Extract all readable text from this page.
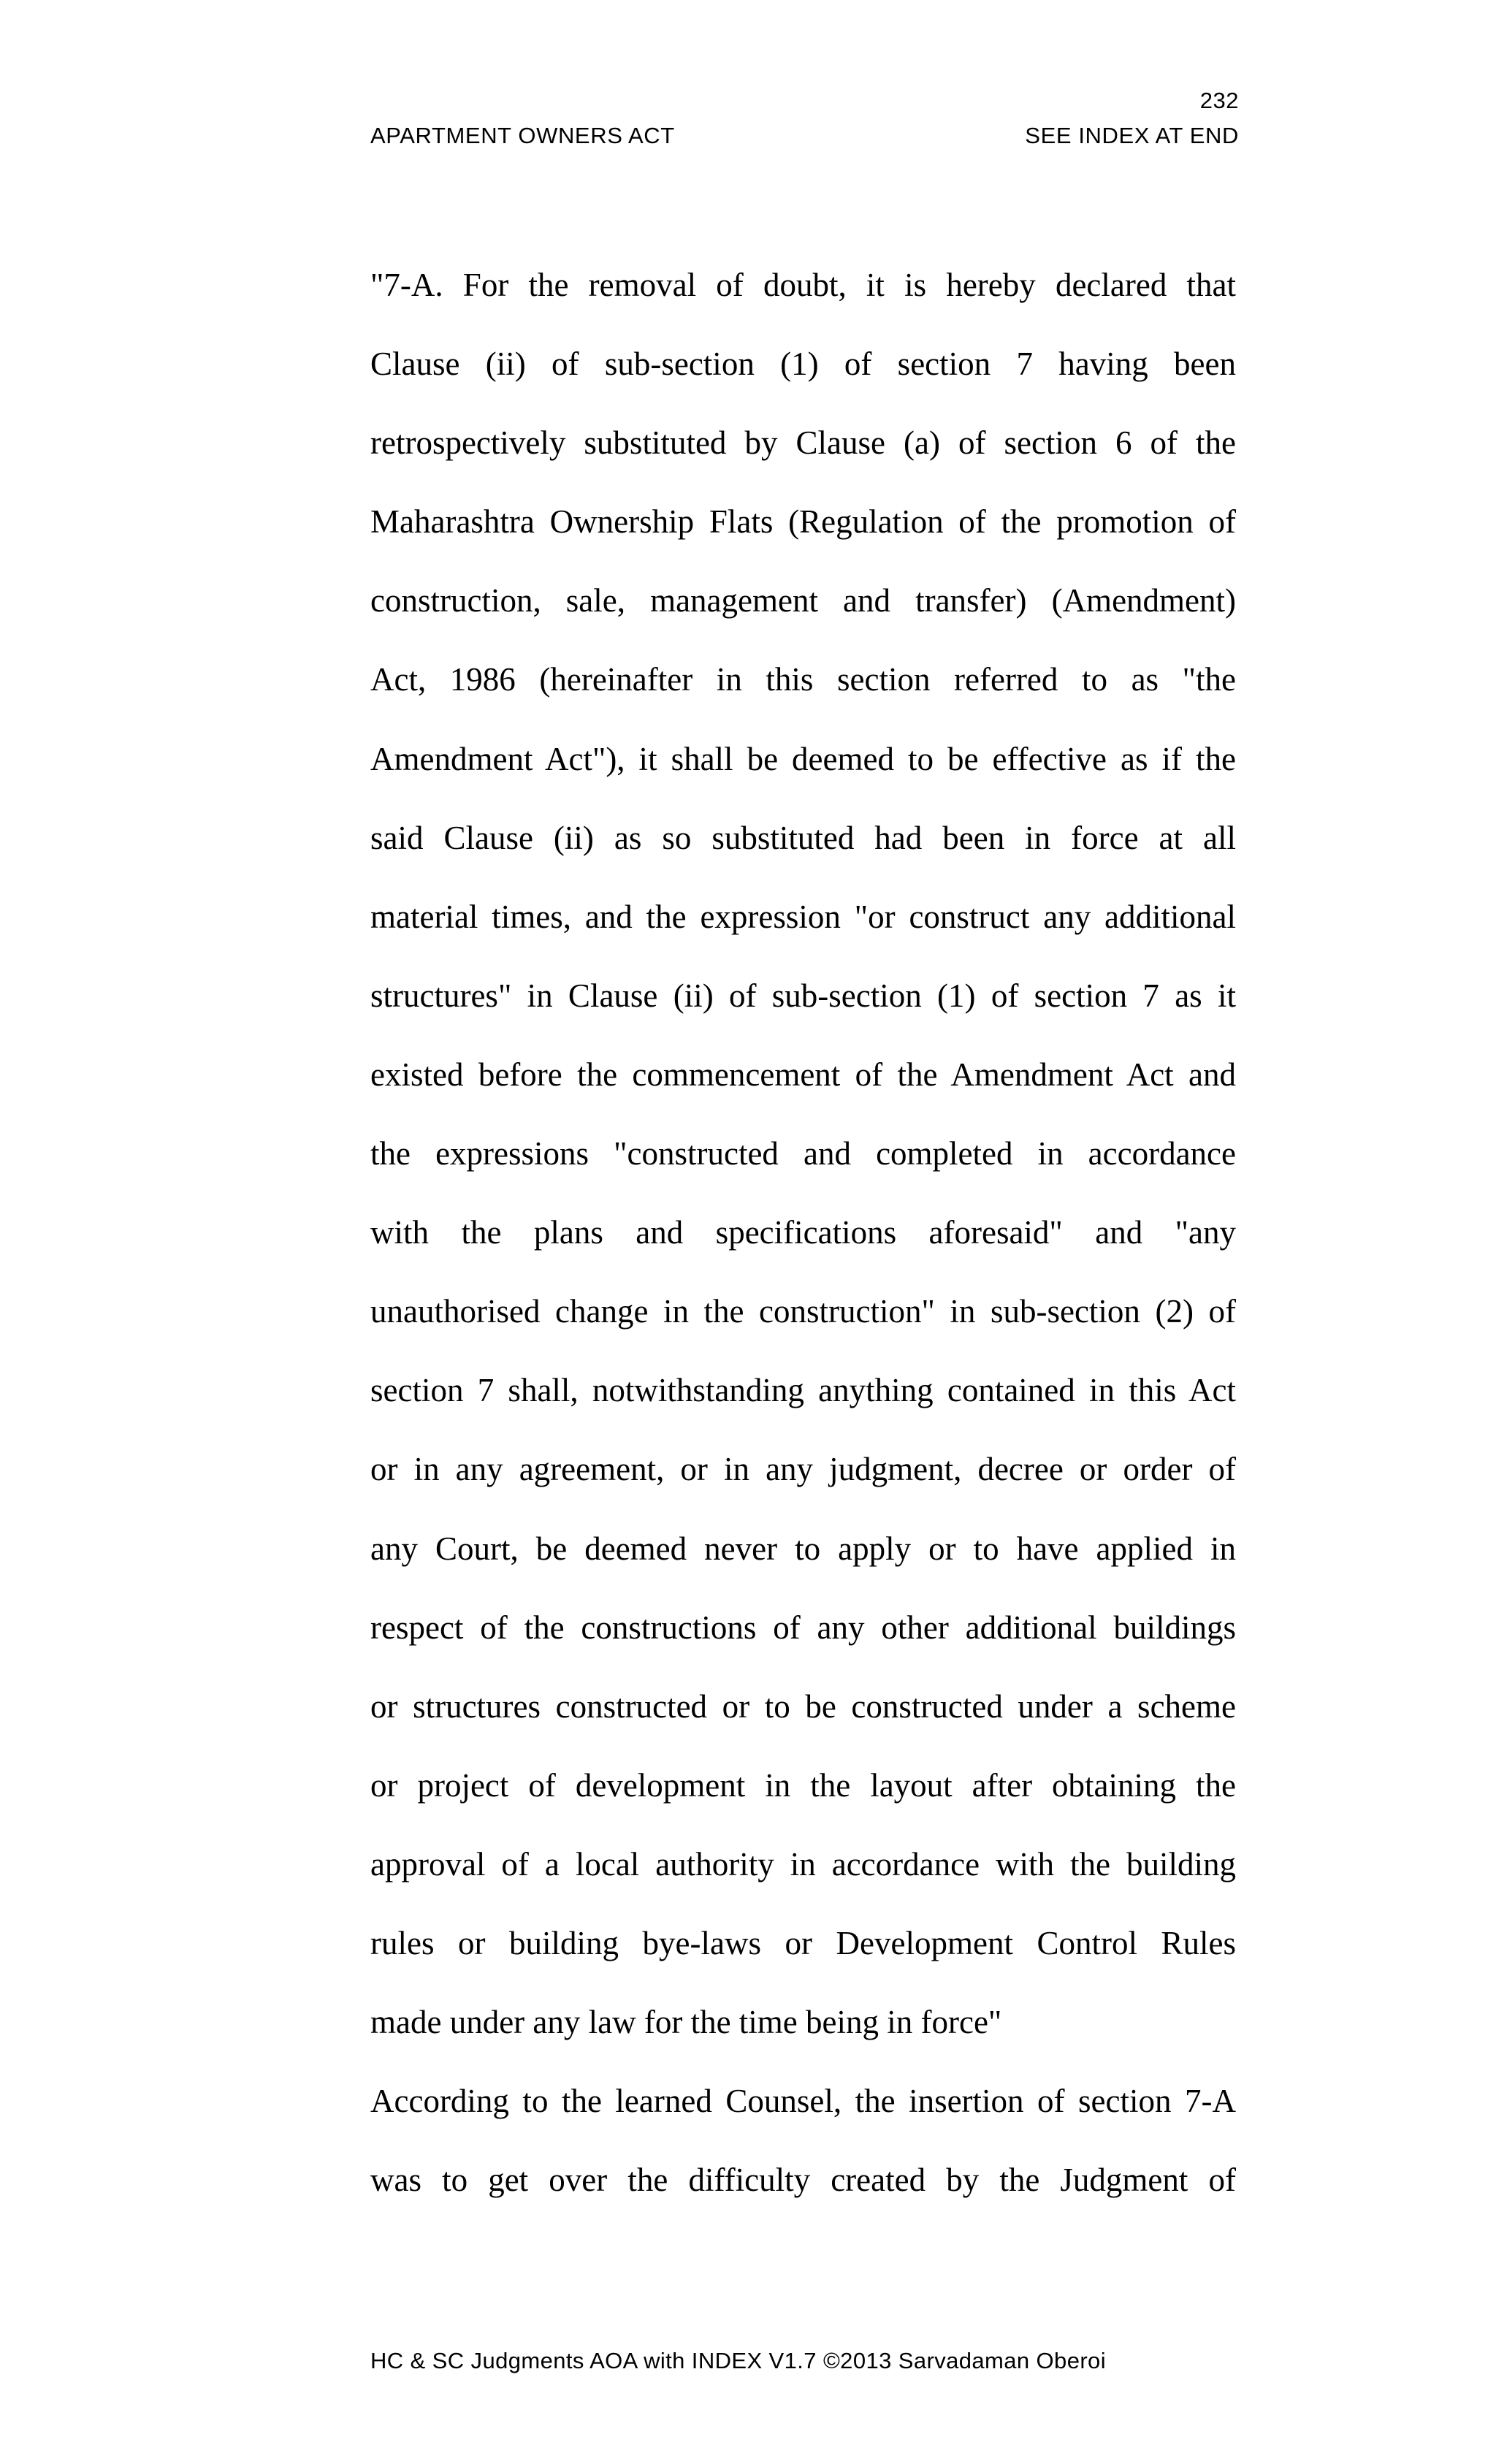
232
APARTMENT OWNERS ACT	SEE INDEX AT END
"7-A. For the removal of doubt, it is hereby declared that
Clause (ii) of sub-section (1) of section 7 having been
retrospectively substituted by Clause (a) of section 6 of the
Maharashtra Ownership Flats (Regulation of the promotion of
construction, sale, management and transfer) (Amendment)
Act, 1986 (hereinafter in this section referred to as "the
Amendment Act"), it shall be deemed to be effective as if the
said Clause (ii) as so substituted had been in force at all
material times, and the expression "or construct any additional
structures" in Clause (ii) of sub-section (1) of section 7 as it
existed before the commencement of the Amendment Act and
the expressions "constructed and completed in accordance
with the plans and specifications aforesaid" and "any
unauthorised change in the construction" in sub-section (2) of
section 7 shall, notwithstanding anything contained in this Act
or in any agreement, or in any judgment, decree or order of
any Court, be deemed never to apply or to have applied in
respect of the constructions of any other additional buildings
or structures constructed or to be constructed under a scheme
or project of development in the layout after obtaining the
approval of a local authority in accordance with the building
rules or building bye-laws or Development Control Rules
made under any law for the time being in force"
According to the learned Counsel, the insertion of section 7-A
was to get over the difficulty created by the Judgment of
HC & SC Judgments AOA with INDEX V1.7 ©2013 Sarvadaman Oberoi
